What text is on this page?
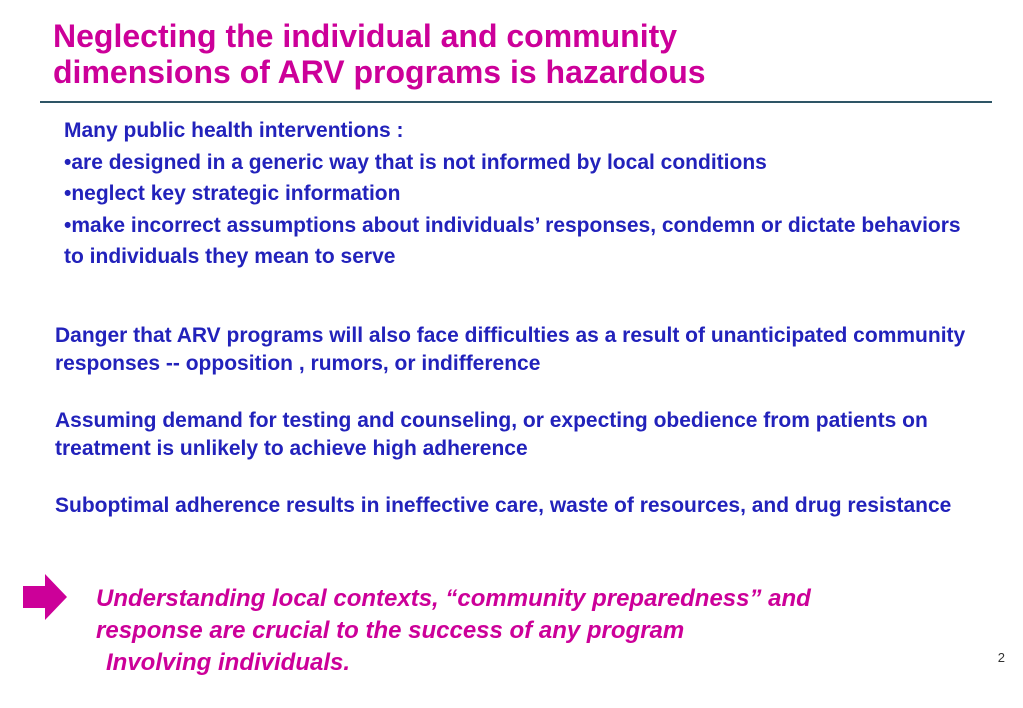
Neglecting the individual and community
dimensions of ARV programs is hazardous
Many public health interventions :
•are designed in a generic way that is not informed by local conditions
•neglect key strategic information
•make incorrect assumptions about individuals’ responses, condemn or dictate behaviors to individuals they mean to serve

Danger that ARV programs will also face difficulties as a result of unanticipated community responses -- opposition , rumors, or indifference

Assuming demand for testing and counseling, or expecting obedience from patients on treatment is unlikely to achieve high adherence

Suboptimal adherence results in ineffective care, waste of resources, and drug resistance

Understanding local contexts, “community preparedness” and
response are crucial to the success of any program
Involving individuals.	2
